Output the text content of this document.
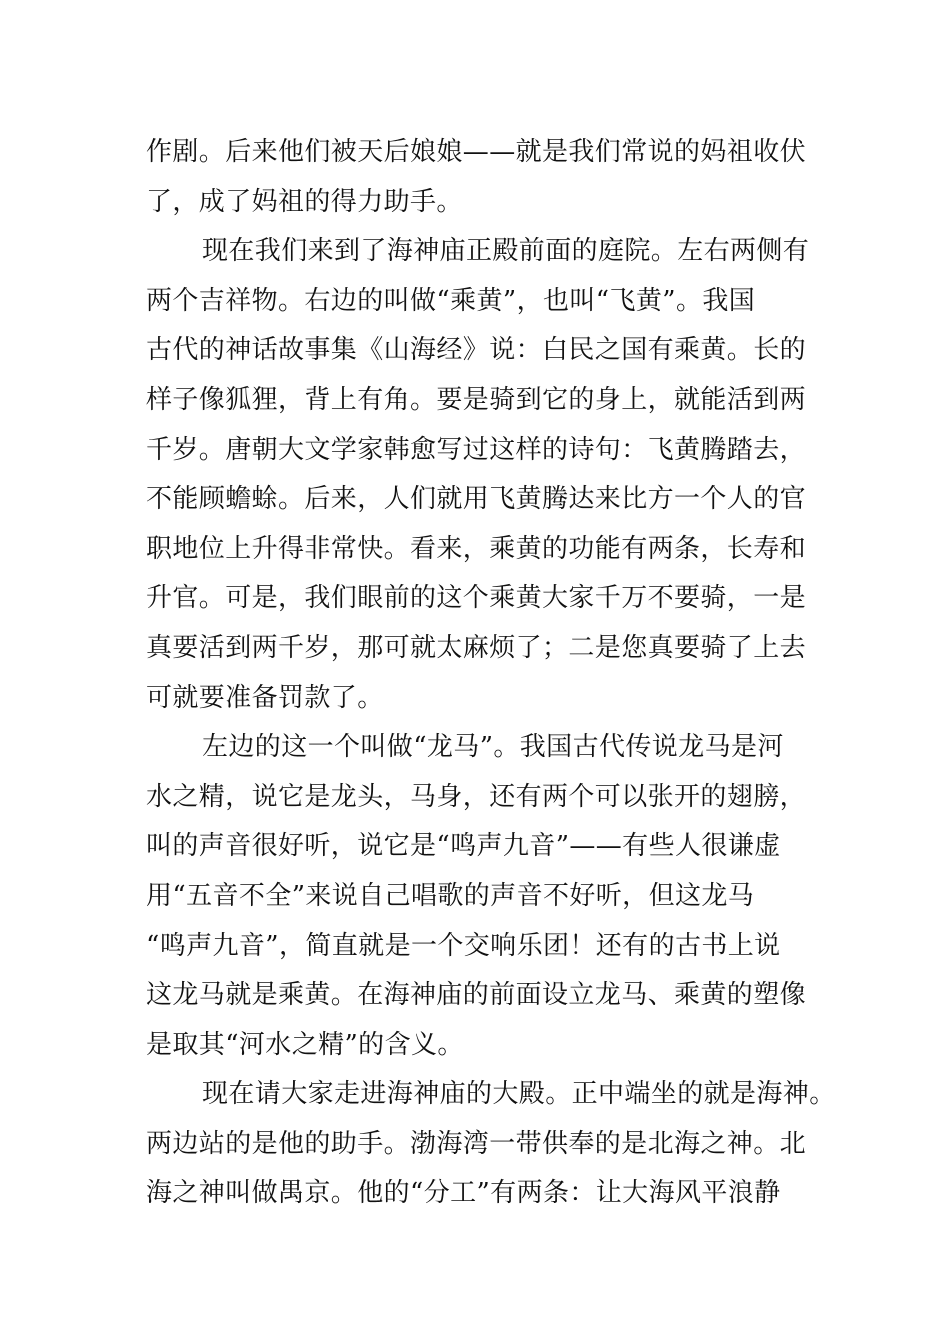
作剧。后来他们被天后娘娘——就是我们常说的妈祖收伏
了，成了妈祖的得力助手。
现在我们来到了海神庙正殿前面的庭院。左右两侧有
两个吉祥物。右边的叫做“乘黄”，也叫“飞黄”。我国
古代的神话故事集《山海经》说：白民之国有乘黄。长的
样子像狐狸，背上有角。要是骑到它的身上，就能活到两
千岁。唐朝大文学家韩愈写过这样的诗句：飞黄腾踏去，
不能顾蟾蜍。后来，人们就用飞黄腾达来比方一个人的官
职地位上升得非常快。看来，乘黄的功能有两条，长寿和
升官。可是，我们眼前的这个乘黄大家千万不要骑，一是
真要活到两千岁，那可就太麻烦了；二是您真要骑了上去
可就要准备罚款了。
左边的这一个叫做“龙马”。我国古代传说龙马是河
水之精，说它是龙头，马身，还有两个可以张开的翅膀，
叫的声音很好听，说它是“鸣声九音”——有些人很谦虚
用“五音不全”来说自己唱歌的声音不好听，但这龙马
“鸣声九音”，简直就是一个交响乐团！还有的古书上说
这龙马就是乘黄。在海神庙的前面设立龙马、乘黄的塑像
是取其“河水之精”的含义。
现在请大家走进海神庙的大殿。正中端坐的就是海神。
两边站的是他的助手。渤海湾一带供奉的是北海之神。北
海之神叫做禺京。他的“分工”有两条：让大海风平浪静
